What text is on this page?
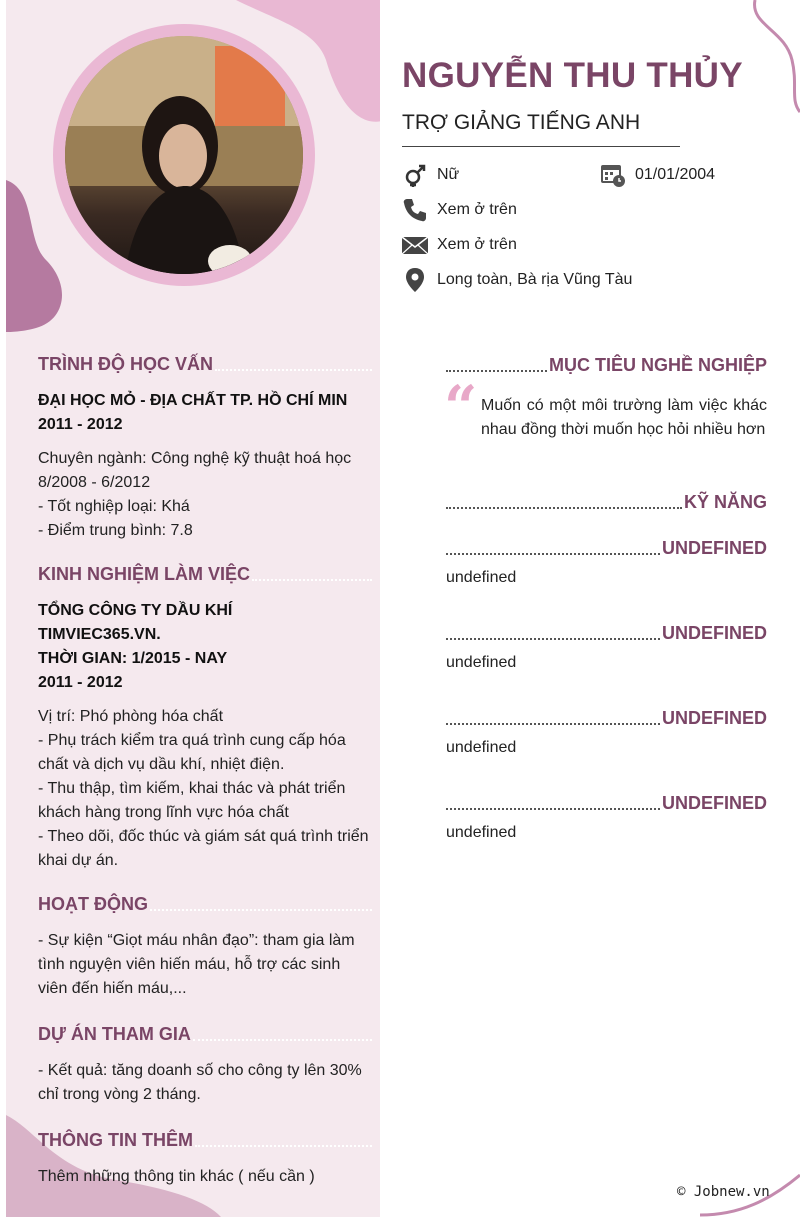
TRÌNH ĐỘ HỌC VẤN
ĐẠI HỌC MỎ - ĐỊA CHẤT TP. HỒ CHÍ MIN
2011 - 2012
Chuyên ngành: Công nghệ kỹ thuật hoá học 8/2008 - 6/2012
- Tốt nghiệp loại: Khá
- Điểm trung bình: 7.8
KINH NGHIỆM LÀM VIỆC
TỔNG CÔNG TY DẦU KHÍ TIMVIEC365.VN.
THỜI GIAN: 1/2015 - NAY
2011 - 2012
Vị trí: Phó phòng hóa chất
- Phụ trách kiểm tra quá trình cung cấp hóa chất và dịch vụ dầu khí, nhiệt điện.
- Thu thập, tìm kiếm, khai thác và phát triển khách hàng trong lĩnh vực hóa chất
- Theo dõi, đốc thúc và giám sát quá trình triển khai dự án.
HOẠT ĐỘNG
- Sự kiện “Giọt máu nhân đạo”: tham gia làm tình nguyện viên hiến máu, hỗ trợ các sinh viên đến hiến máu,...
DỰ ÁN THAM GIA
- Kết quả: tăng doanh số cho công ty lên 30% chỉ trong vòng 2 tháng.
THÔNG TIN THÊM
Thêm những thông tin khác ( nếu cần )
NGUYỄN THU THỦY
TRỢ GIẢNG TIẾNG ANH
Nữ	01/01/2004
Xem ở trên
Xem ở trên
Long toàn, Bà rịa Vũng Tàu
MỤC TIÊU NGHỀ NGHIỆP
“ Muốn có một môi trường làm việc khác nhau đồng thời muốn học hỏi nhiều hơn
KỸ NĂNG
UNDEFINED
undefined
UNDEFINED
undefined
UNDEFINED
undefined
UNDEFINED
undefined
© Jobnew.vn
